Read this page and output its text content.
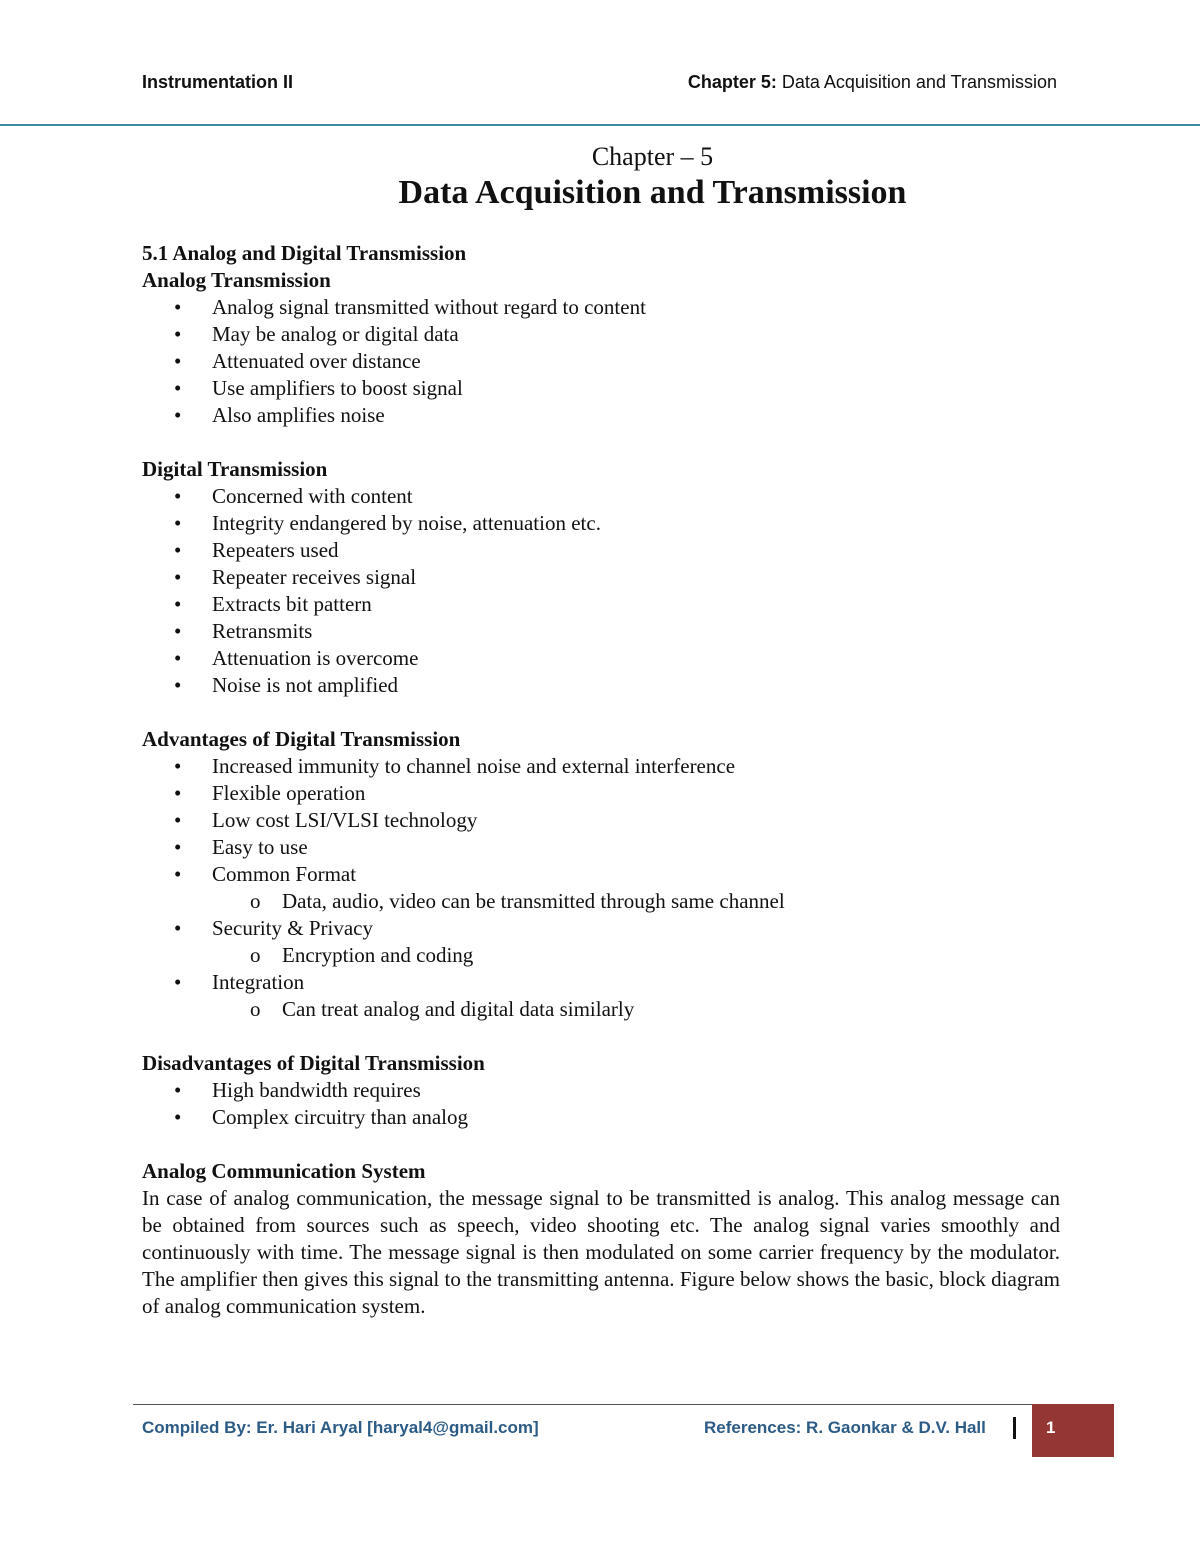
Instrumentation II	Chapter 5: Data Acquisition and Transmission
Chapter – 5
Data Acquisition and Transmission
5.1 Analog and Digital Transmission
Analog Transmission
• Analog signal transmitted without regard to content
• May be analog or digital data
• Attenuated over distance
• Use amplifiers to boost signal
• Also amplifies noise
Digital Transmission
• Concerned with content
• Integrity endangered by noise, attenuation etc.
• Repeaters used
• Repeater receives signal
• Extracts bit pattern
• Retransmits
• Attenuation is overcome
• Noise is not amplified
Advantages of Digital Transmission
• Increased immunity to channel noise and external interference
• Flexible operation
• Low cost LSI/VLSI technology
• Easy to use
• Common Format
o Data, audio, video can be transmitted through same channel
• Security & Privacy
o Encryption and coding
• Integration
o Can treat analog and digital data similarly
Disadvantages of Digital Transmission
• High bandwidth requires
• Complex circuitry than analog
Analog Communication System
In case of analog communication, the message signal to be transmitted is analog. This analog message can be obtained from sources such as speech, video shooting etc. The analog signal varies smoothly and continuously with time. The message signal is then modulated on some carrier frequency by the modulator. The amplifier then gives this signal to the transmitting antenna. Figure below shows the basic, block diagram of analog communication system.
Compiled By: Er. Hari Aryal [haryal4@gmail.com]	References: R. Gaonkar & D.V. Hall	1
